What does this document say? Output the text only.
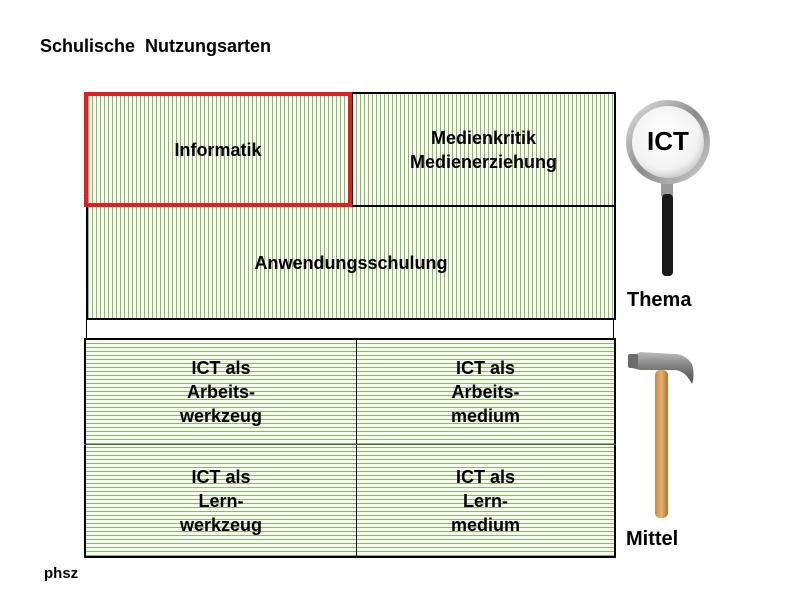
Schulische  Nutzungsarten
Informatik
Medienkritik
Medienerziehung
Anwendungsschulung
ICT als
Arbeits-
werkzeug
ICT als
Arbeits-
medium
ICT als
Lern-
werkzeug
ICT als
Lern-
medium
ICT
Thema
Mittel
phsz
